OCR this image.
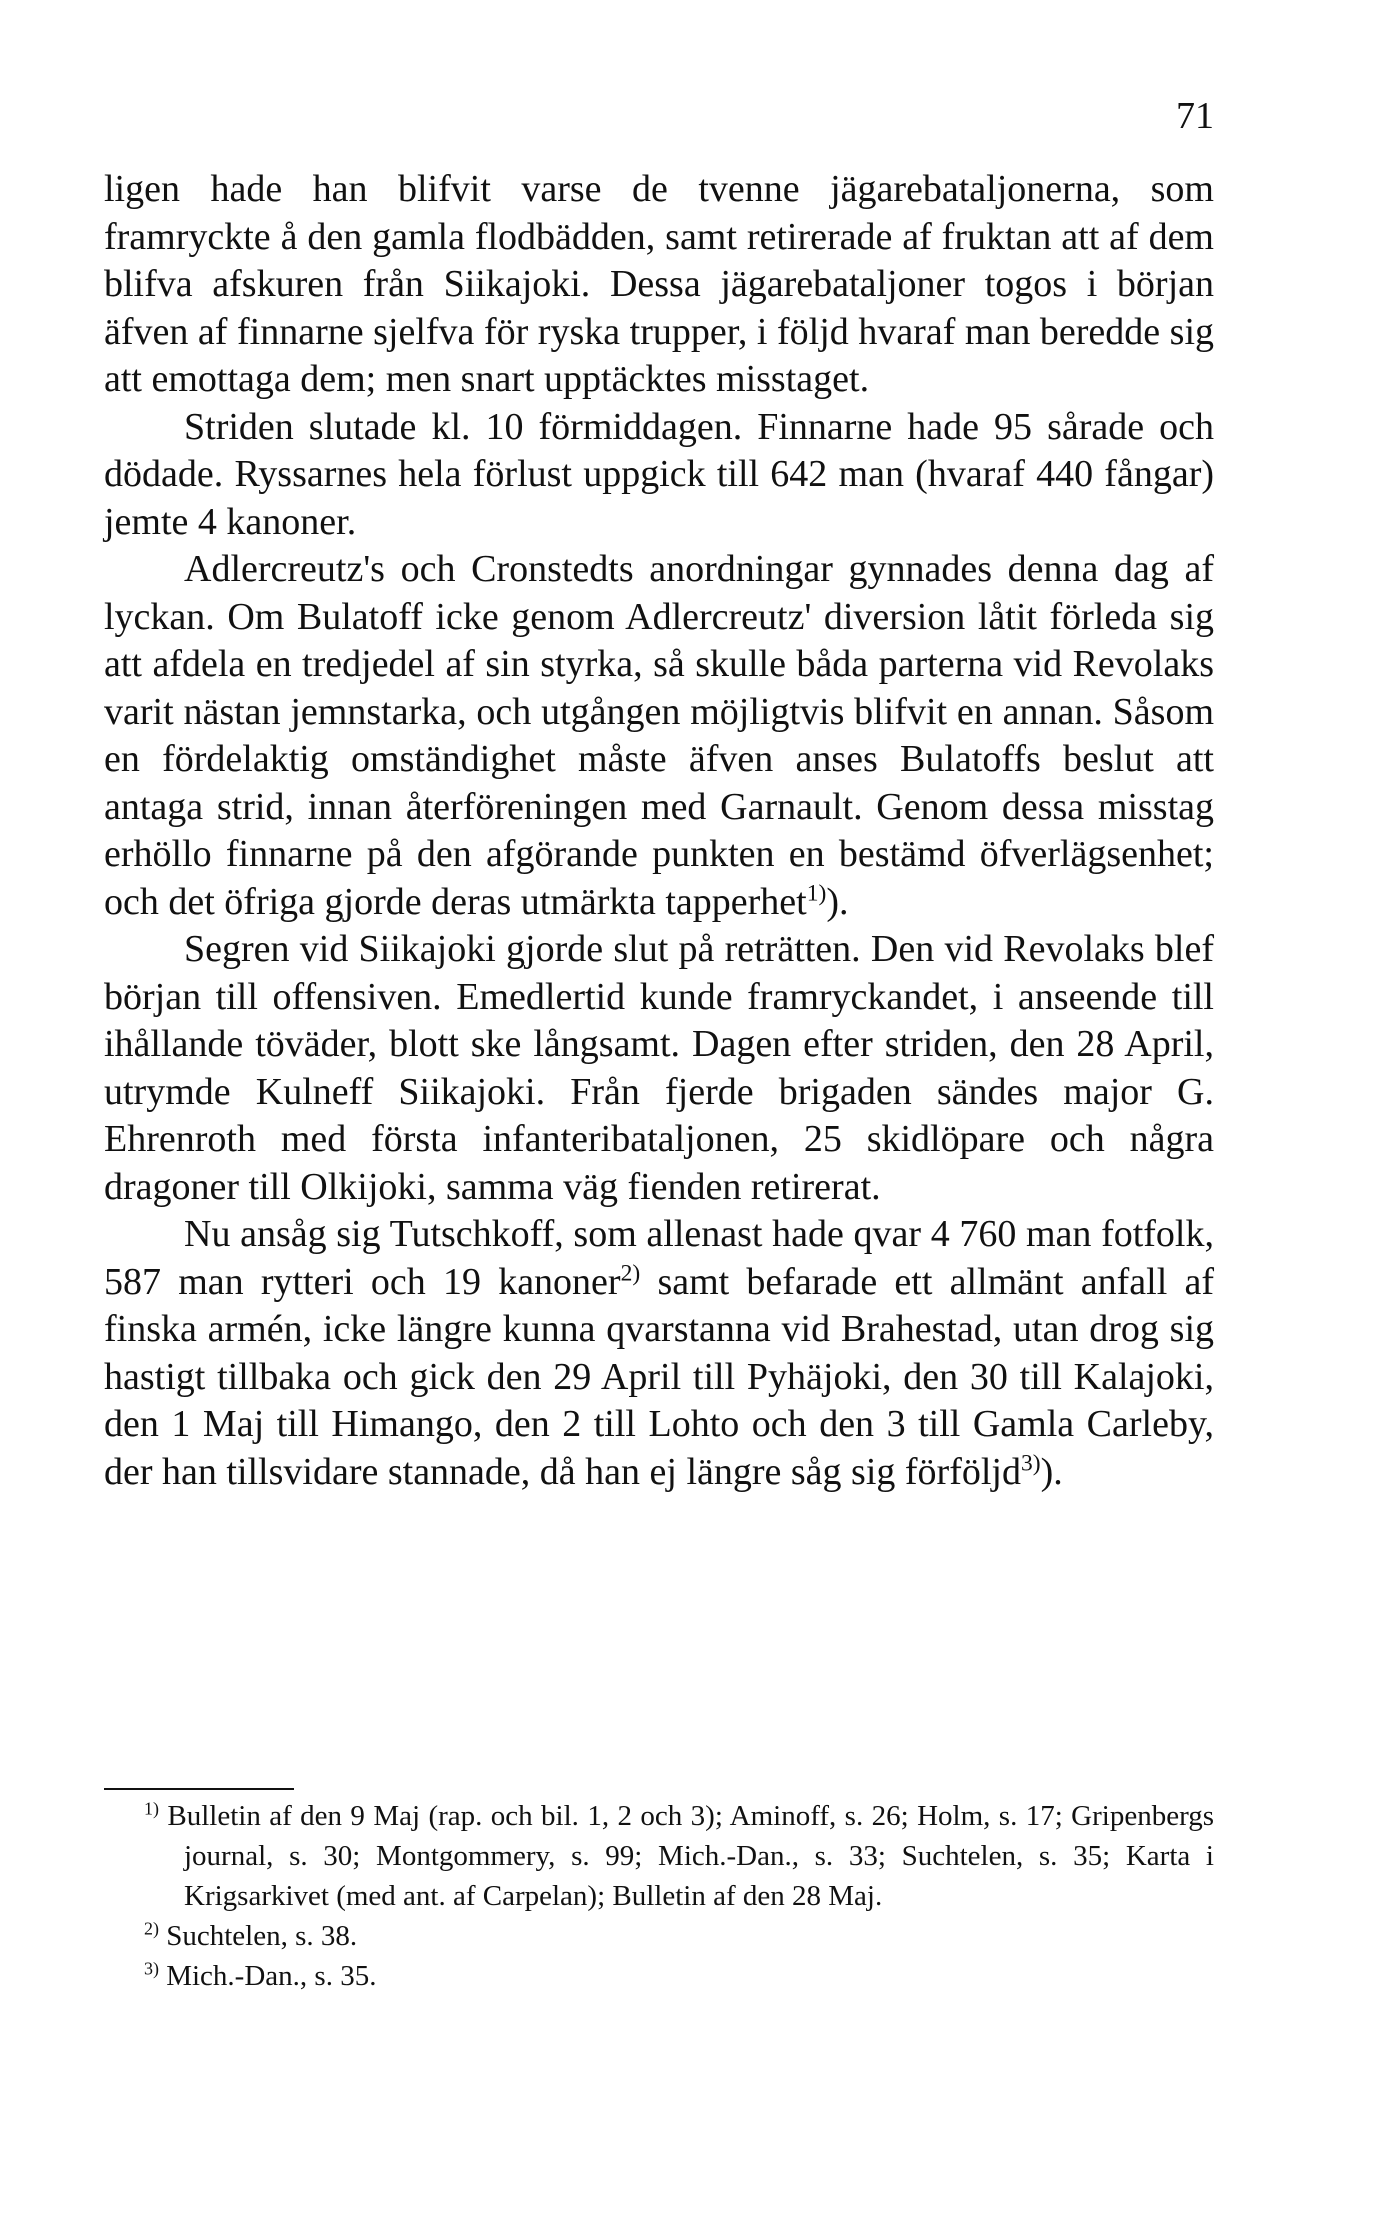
71

ligen hade han blifvit varse de tvenne jägarebataljonerna, som framryckte å den gamla flodbädden, samt retirerade af fruktan att af dem blifva afskuren från Siikajoki. Dessa jägarebataljoner togos i början äfven af finnarne sjelfva för ryska trupper, i följd hvaraf man beredde sig att emottaga dem; men snart upptäcktes misstaget.

Striden slutade kl. 10 förmiddagen. Finnarne hade 95 sårade och dödade. Ryssarnes hela förlust uppgick till 642 man (hvaraf 440 fångar) jemte 4 kanoner.

Adlercreutz's och Cronstedts anordningar gynnades denna dag af lyckan. Om Bulatoff icke genom Adlercreutz' diversion låtit förleda sig att afdela en tredjedel af sin styrka, så skulle båda parterna vid Revolaks varit nästan jemnstarka, och utgången möjligtvis blifvit en annan. Såsom en fördelaktig omständighet måste äfven anses Bulatoffs beslut att antaga strid, innan återföreningen med Garnault. Genom dessa misstag erhöllo finnarne på den afgörande punkten en bestämd öfverlägsenhet; och det öfriga gjorde deras utmärkta tapperhet$^{1)}$).

Segren vid Siikajoki gjorde slut på reträtten. Den vid Revolaks blef början till offensiven. Emedlertid kunde framryckandet, i anseende till ihållande töväder, blott ske långsamt. Dagen efter striden, den 28 April, utrymde Kulneff Siikajoki. Från fjerde brigaden sändes major G. Ehrenroth med första infanteribataljonen, 25 skidlöpare och några dragoner till Olkijoki, samma väg fienden retirerat.

Nu ansåg sig Tutschkoff, som allenast hade qvar 4 760 man fotfolk, 587 man rytteri och 19 kanoner$^{2)}$ samt befarade ett allmänt anfall af finska armén, icke längre kunna qvarstanna vid Brahestad, utan drog sig hastigt tillbaka och gick den 29 April till Pyhäjoki, den 30 till Kalajoki, den 1 Maj till Himango, den 2 till Lohto och den 3 till Gamla Carleby, der han tillsvidare stannade, då han ej längre såg sig förföljd$^{3)}$).

$^{1)}$ Bulletin af den 9 Maj (rap. och bil. 1, 2 och 3); Aminoff, s. 26; Holm, s. 17; Gripenbergs journal, s. 30; Montgommery, s. 99; Mich.-Dan., s. 33; Suchtelen, s. 35; Karta i Krigsarkivet (med ant. af Carpelan); Bulletin af den 28 Maj.

$^{2)}$ Suchtelen, s. 38.

$^{3)}$ Mich.-Dan., s. 35.
